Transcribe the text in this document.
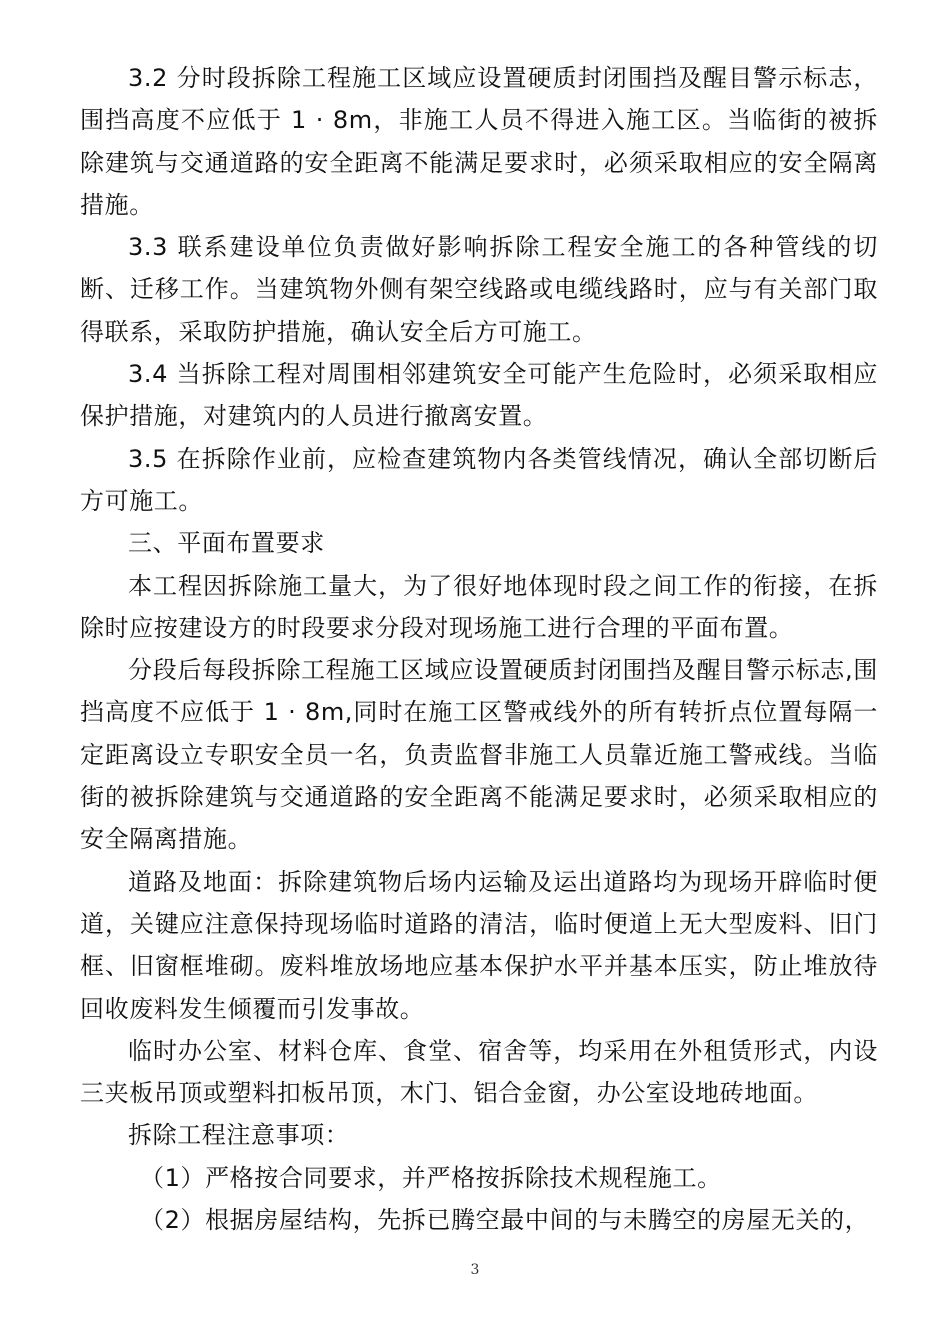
3.2 分时段拆除工程施工区域应设置硬质封闭围挡及醒目警示标志，围挡高度不应低于 1 · 8m，非施工人员不得进入施工区。当临街的被拆除建筑与交通道路的安全距离不能满足要求时，必须采取相应的安全隔离措施。

3.3 联系建设单位负责做好影响拆除工程安全施工的各种管线的切断、迁移工作。当建筑物外侧有架空线路或电缆线路时，应与有关部门取得联系，采取防护措施，确认安全后方可施工。

3.4 当拆除工程对周围相邻建筑安全可能产生危险时，必须采取相应保护措施，对建筑内的人员进行撤离安置。

3.5 在拆除作业前，应检查建筑物内各类管线情况，确认全部切断后方可施工。

三、平面布置要求

本工程因拆除施工量大，为了很好地体现时段之间工作的衔接，在拆除时应按建设方的时段要求分段对现场施工进行合理的平面布置。

分段后每段拆除工程施工区域应设置硬质封闭围挡及醒目警示标志,围挡高度不应低于 1 · 8m,同时在施工区警戒线外的所有转折点位置每隔一定距离设立专职安全员一名，负责监督非施工人员靠近施工警戒线。当临街的被拆除建筑与交通道路的安全距离不能满足要求时，必须采取相应的安全隔离措施。

道路及地面：拆除建筑物后场内运输及运出道路均为现场开辟临时便道，关键应注意保持现场临时道路的清洁，临时便道上无大型废料、旧门框、旧窗框堆砌。废料堆放场地应基本保护水平并基本压实，防止堆放待回收废料发生倾覆而引发事故。

临时办公室、材料仓库、食堂、宿舍等，均采用在外租赁形式，内设三夹板吊顶或塑料扣板吊顶，木门、铝合金窗，办公室设地砖地面。

拆除工程注意事项：

（1）严格按合同要求，并严格按拆除技术规程施工。

（2）根据房屋结构，先拆已腾空最中间的与未腾空的房屋无关的，

3
